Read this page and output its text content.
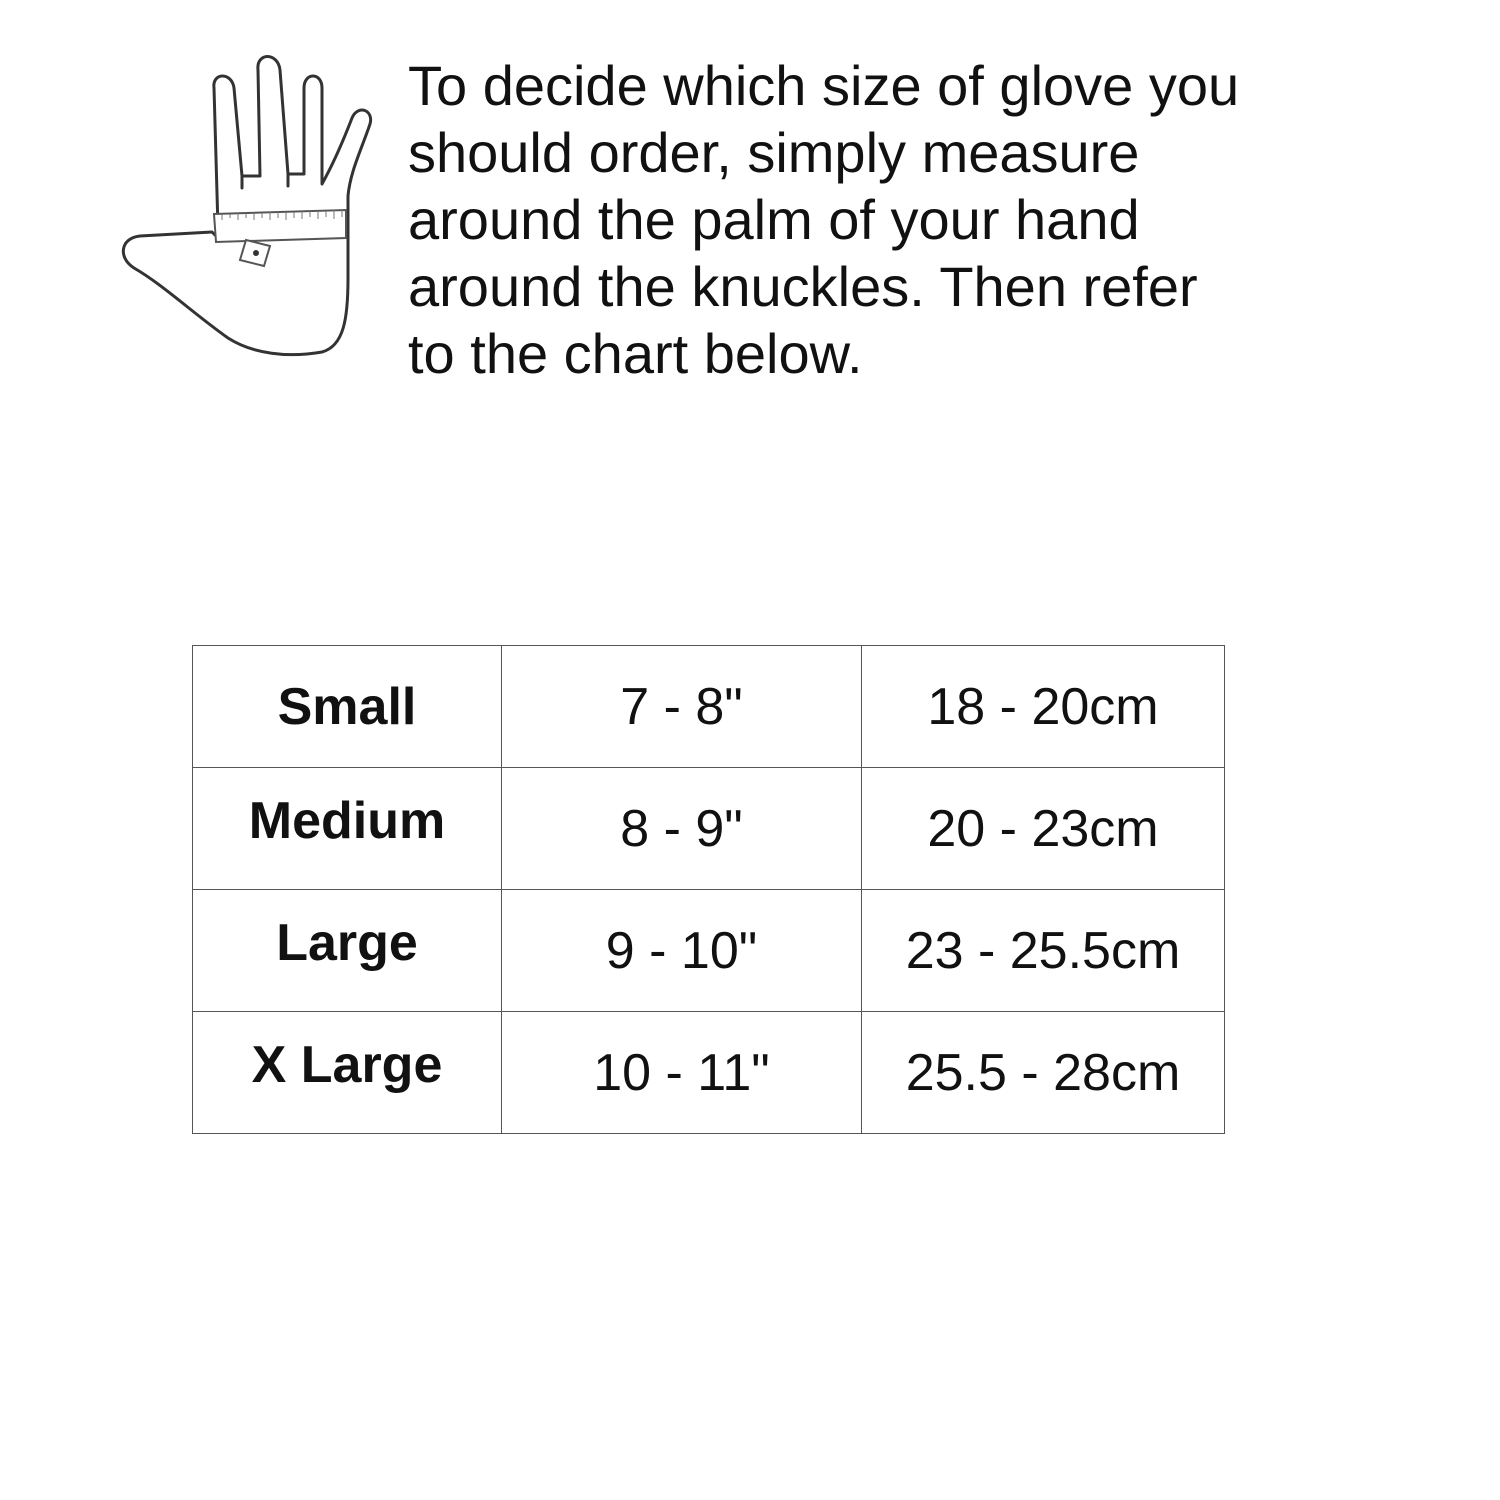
To decide which size of glove you
should order, simply measure
around the palm of your hand
around the knuckles. Then refer
to the chart below.

Small	7 - 8"	18 - 20cm
Medium	8 - 9"	20 - 23cm
Large	9 - 10"	23 - 25.5cm
X Large	10 - 11"	25.5 - 28cm
